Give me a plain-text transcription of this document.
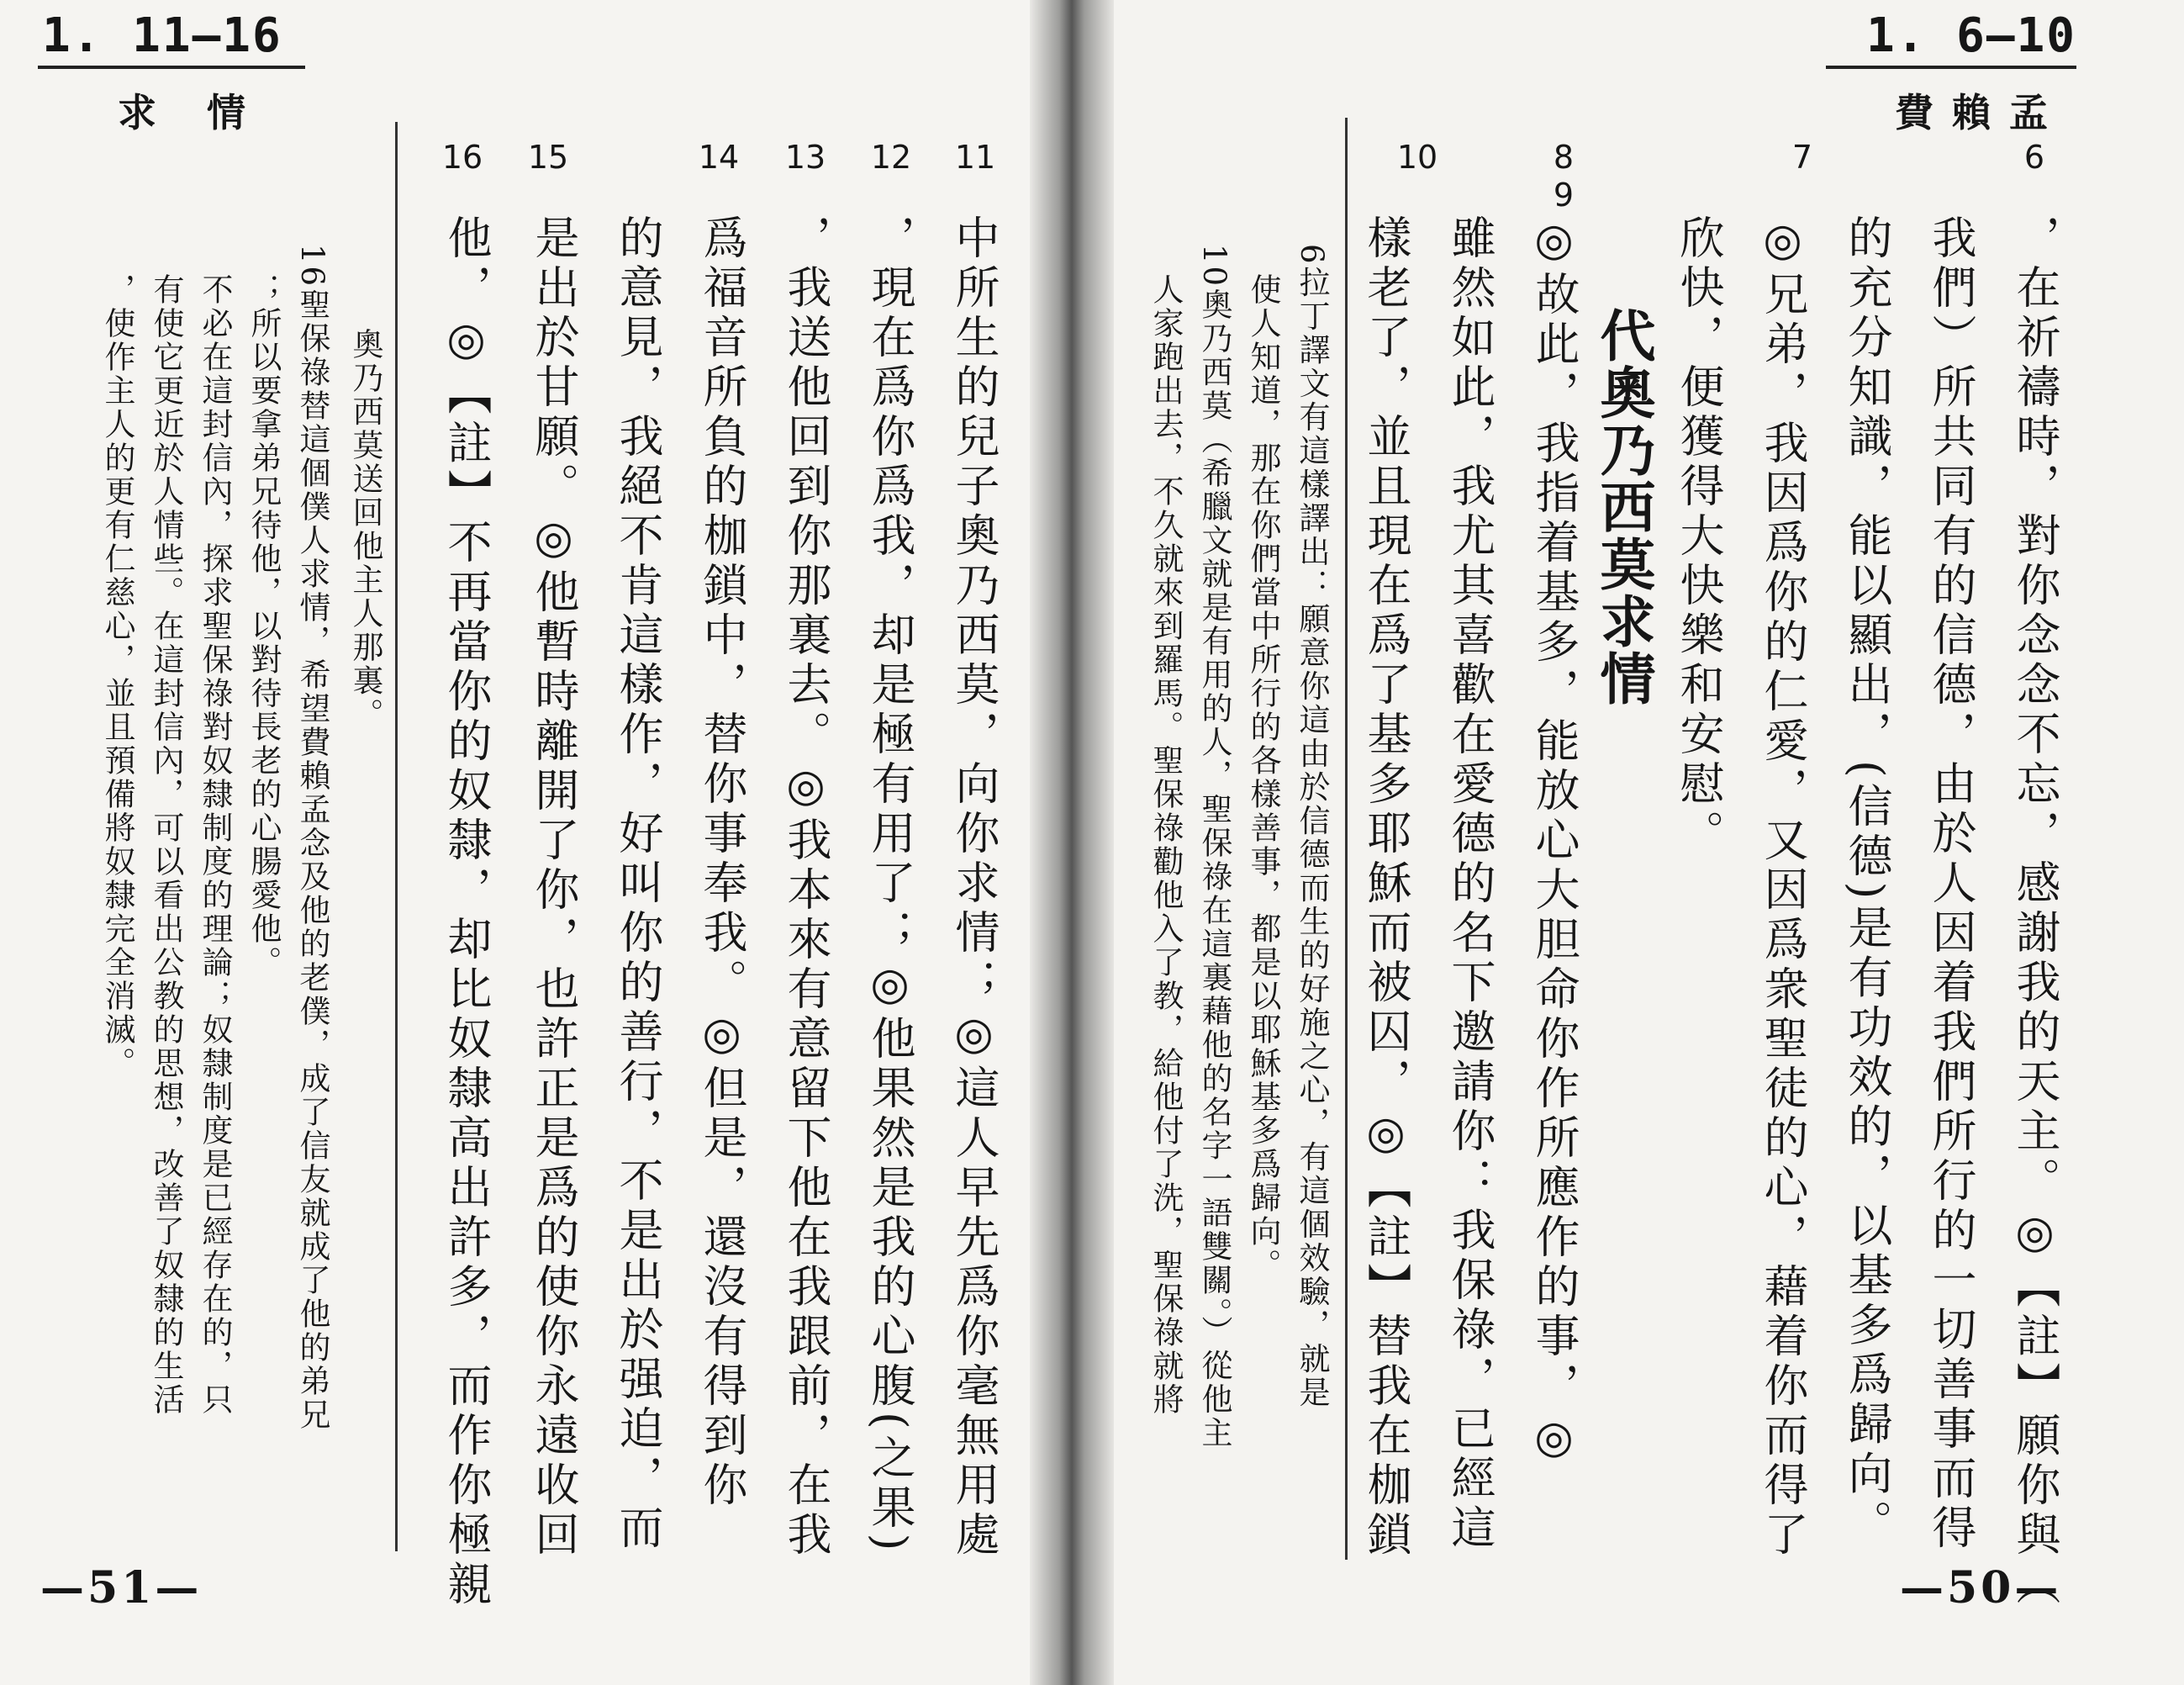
1. 11—16
求情
16 15	14 13 12 11
中所生的兒子奧乃西莫，向你求情；◎這人早先爲你毫無用處
，現在爲你爲我，却是極有用了；◎他果然是我的心腹(之果)
，我送他回到你那裏去。◎我本來有意留下他在我跟前，在我
爲福音所負的枷鎖中，替你事奉我。◎但是，還沒有得到你
的意見，我絕不肯這樣作，好叫你的善行，不是出於强迫，而
是出於甘願。◎他暫時離開了你，也許正是爲的使你永遠收回
他，◎【註】不再當你的奴隸，却比奴隸高出許多，而作你極親
奧乃西莫送回他主人那裏。
16聖保祿替這個僕人求情，希望費賴孟念及他的老僕，成了信友就成了他的弟兄
；所以要拿弟兄待他，以對待長老的心腸愛他。
不必在這封信內，探求聖保祿對奴隸制度的理論；奴隸制度是已經存在的，只
有使它更近於人情些。在這封信內，可以看出公教的思想，改善了奴隸的生活
，使作主人的更有仁慈心，並且預備將奴隸完全消滅。
—51—
1. 6—10
費賴孟
6
7
8
9
10
，在祈禱時，對你念念不忘，感謝我的天主。◎【註】願你與（
我們）所共同有的信德，由於人因着我們所行的一切善事而得
的充分知識，能以顯出，(信德)是有功效的，以基多爲歸向。
◎兄弟，我因爲你的仁愛，又因爲衆聖徒的心，藉着你而得了
欣快，便獲得大快樂和安慰。
代奧乃西莫求情
◎故此，我指着基多，能放心大胆命你作所應作的事，◎
雖然如此，我尤其喜歡在愛德的名下邀請你：我保祿，已經這
樣老了，並且現在爲了基多耶穌而被囚，◎【註】替我在枷鎖
6拉丁譯文有這樣譯出：願意你這由於信德而生的好施之心，有這個效驗，就是
使人知道，那在你們當中所行的各樣善事，都是以耶穌基多爲歸向。
10奧乃西莫（希臘文就是有用的人，聖保祿在這裏藉他的名字一語雙關。）從他主
人家跑出去，不久就來到羅馬。聖保祿勸他入了教，給他付了洗，聖保祿就將
—50—
